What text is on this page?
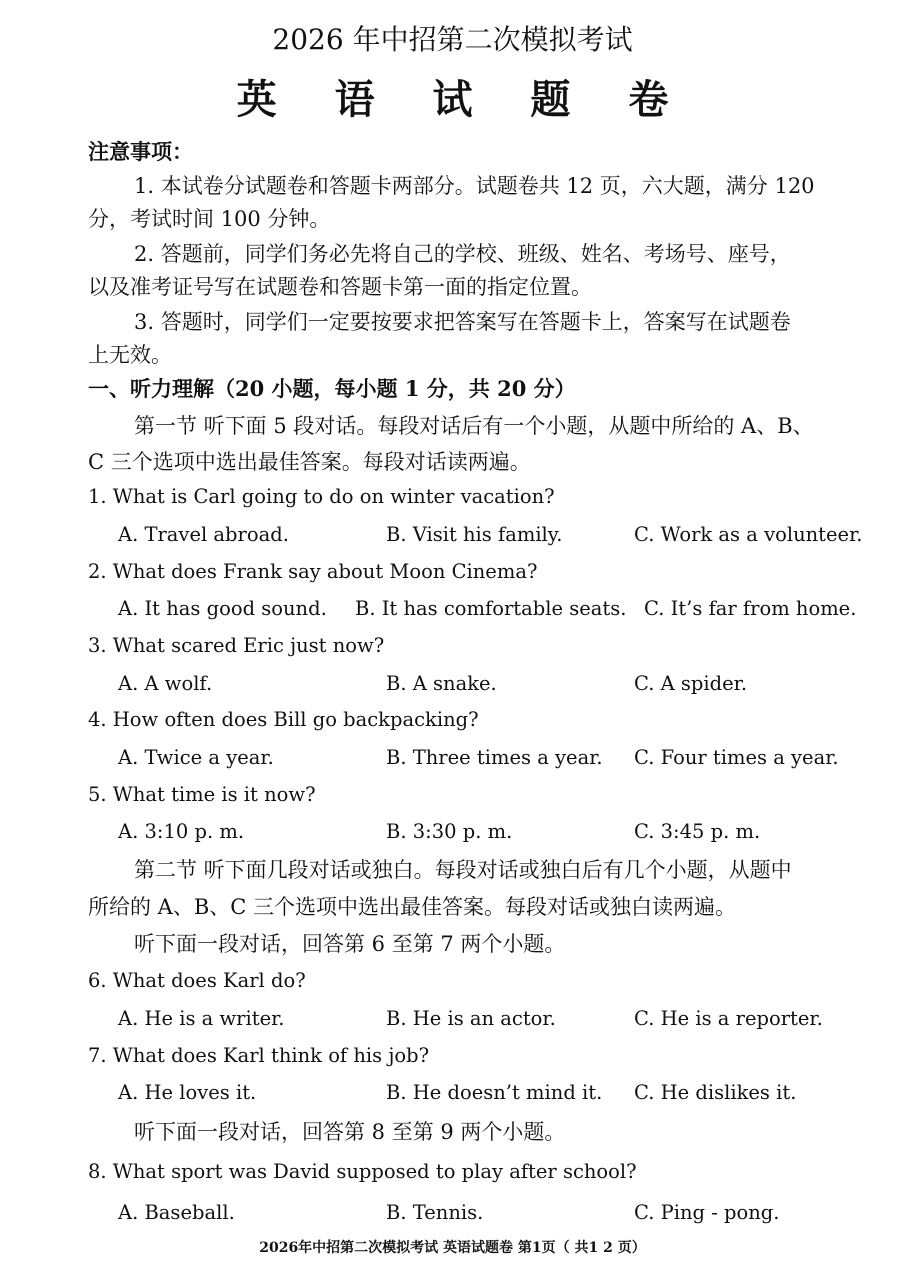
2026 年中招第二次模拟考试
英 语 试 题 卷
注意事项：
1. 本试卷分试题卷和答题卡两部分。试题卷共 12 页，六大题，满分 120
分，考试时间 100 分钟。
2. 答题前，同学们务必先将自己的学校、班级、姓名、考场号、座号，
以及准考证号写在试题卷和答题卡第一面的指定位置。
3. 答题时，同学们一定要按要求把答案写在答题卡上，答案写在试题卷
上无效。
一、听力理解（20 小题，每小题 1 分，共 20 分）
第一节 听下面 5 段对话。每段对话后有一个小题，从题中所给的 A、B、
C 三个选项中选出最佳答案。每段对话读两遍。
1. What is Carl going to do on winter vacation?
A. Travel abroad.	B. Visit his family.	C. Work as a volunteer.
2. What does Frank say about Moon Cinema?
A. It has good sound. B. It has comfortable seats. C. It’s far from home.
3. What scared Eric just now?
A. A wolf.	B. A snake.	C. A spider.
4. How often does Bill go backpacking?
A. Twice a year.	B. Three times a year. C. Four times a year.
5. What time is it now?
A. 3:10 p. m.	B. 3:30 p. m.	C. 3:45 p. m.
第二节 听下面几段对话或独白。每段对话或独白后有几个小题，从题中
所给的 A、B、C 三个选项中选出最佳答案。每段对话或独白读两遍。
听下面一段对话，回答第 6 至第 7 两个小题。
6. What does Karl do?
A. He is a writer.	B. He is an actor.	C. He is a reporter.
7. What does Karl think of his job?
A. He loves it.	B. He doesn’t mind it. C. He dislikes it.
听下面一段对话，回答第 8 至第 9 两个小题。
8. What sport was David supposed to play after school?
A. Baseball.	B. Tennis.	C. Ping - pong.
2026年中招第二次模拟考试 英语试题卷 第1页（ 共1 2 页）
